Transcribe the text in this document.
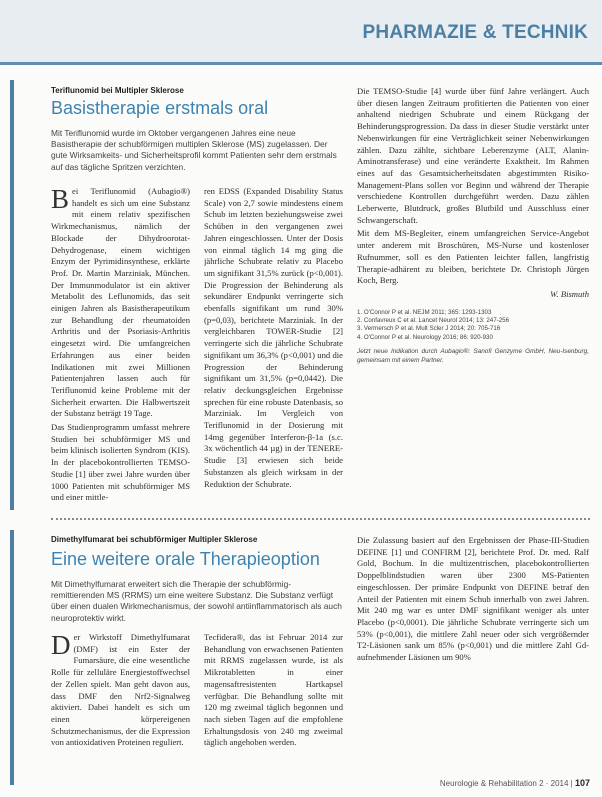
PHARMAZIE & TECHNIK
Teriflunomid bei Multipler Sklerose
Basistherapie erstmals oral

Mit Teriflunomid wurde im Oktober vergangenen Jahres eine neue Basistherapie der schubförmigen multiplen Sklerose (MS) zugelassen. Der gute Wirksamkeits- und Sicherheitsprofil kommt Patienten sehr dem erstmals auf das tägliche Spritzen verzichten.

Bei Teriflunomid (Aubagio®) handelt es sich um eine Substanz mit einem relativ spezifischen Wirkmechanismus, nämlich der Blockade der Dihydroorotat-Dehydrogenase, einem wichtigen Enzym der Pyrimidinsynthese, erklärte Prof. Dr. Martin Marziniak, München. Der Immunmodulator ist ein aktiver Metabolit des Leflunomids, das seit einigen Jahren als Basistherapeutikum zur Behandlung der rheumatoiden Arthritis und der Psoriasis-Arthritis eingesetzt wird. Die umfangreichen Erfahrungen aus einer beiden Indikationen mit zwei Millionen Patientenjahren lassen auch für Teriflunomid keine Probleme mit der Sicherheit erwarten. Die Halbwertszeit der Substanz beträgt 19 Tage.

Das Studienprogramm umfasst mehrere Studien bei schubförmiger MS und beim klinisch isolierten Syndrom (KIS). In der placebokontrollierten TEMSO-Studie [1] über zwei Jahre wurden über 1000 Patienten mit schubförmiger MS und einer mittle-

ren EDSS (Expanded Disability Status Scale) von 2,7 sowie mindestens einem Schub im letzten beziehungsweise zwei Schüben in den vergangenen zwei Jahren eingeschlossen. Unter der Dosis von einmal täglich 14 mg ging die jährliche Schubrate relativ zu Placebo um signifikant 31,5% zurück (p<0,001). Die Progression der Behinderung als sekundärer Endpunkt verringerte sich ebenfalls signifikant um rund 30% (p=0,03), berichtete Marziniak. In der vergleichbaren TOWER-Studie [2] verringerte sich die jährliche Schubrate signifikant um 36,3% (p<0,001) und die Progression der Behinderung signifikant um 31,5% (p=0,0442). Die relativ deckungsgleichen Ergebnisse sprechen für eine robuste Datenbasis, so Marziniak. Im Vergleich von Teriflunomid in der Dosierung mit 14mg gegenüber Interferon-β-1a (s.c. 3x wöchentlich 44 µg) in der TENERE-Studie [3] erwiesen sich beide Substanzen als gleich wirksam in der Reduktion der Schubrate.

Die TEMSO-Studie [4] wurde über fünf Jahre verlängert. Auch über diesen langen Zeitraum profitierten die Patienten von einer anhaltend niedrigen Schubrate und einem Rückgang der Behinderungsprogression. Da dass in dieser Studie verstärkt unter Nebenwirkungen für eine Verträglichkeit seiner Nebenwirkungen zählen. Dazu zählte, sichtbare Leberenzyme (ALT, Alanin-Aminotransferase) und eine veränderte Exaktheit. Im Rahmen eines auf das Gesamtsicherheitsdaten abgestimmten Risiko-Management-Plans sollen vor Beginn und während der Therapie verschiedene Kontrollen durchgeführt werden. Dazu zählen Leberwerte, Blutdruck, großes Blutbild und Ausschluss einer Schwangerschaft.

Mit dem MS-Begleiter, einem umfangreichen Service-Angebot unter anderem mit Broschüren, MS-Nurse und kostenloser Rufnummer, soll es den Patienten leichter fallen, langfristig Therapie-adhärent zu bleiben, berichtete Dr. Christoph Jürgen Koch, Berg.

W. Bismuth
1. O'Connor P et al. NEJM 2011; 365: 1293-1303
2. Confavreux C et al. Lancet Neurol 2014; 13: 247-256
3. Vermersch P et al. Mult Scler J 2014; 20: 705-716
4. O'Connor P et al. Neurology 2016; 86: 920-930
Jetzt neue Indikation durch Aubagio®: Sanofi Genzyme GmbH, Neu-Isenburg, gemeinsam mit einem Partner.
Dimethylfumarat bei schubförmiger Multipler Sklerose
Eine weitere orale Therapieoption

Mit Dimethylfumarat erweitert sich die Therapie der schubförmig-remittierenden MS (RRMS) um eine weitere Substanz. Die Substanz verfügt über einen dualen Wirkmechanismus, der sowohl antiinflammatorisch als auch neuroprotektiv wirkt.

Der Wirkstoff Dimethylfumarat (DMF) ist ein Ester der Fumarsäure, die eine wesentliche Rolle für zelluläre Energiestoffwechsel der Zellen spielt. Man geht davon aus, dass DMF den Nrf2-Signalweg aktiviert. Dabei handelt es sich um einen körpereigenen Schutzmechanismus, der die Expression von antioxidativen Proteinen reguliert.

Tecfidera®, das ist Februar 2014 zur Behandlung von erwachsenen Patienten mit RRMS zugelassen wurde, ist als Mikrotabletten in einer magensaftresistenten Hartkapsel verfügbar. Die Behandlung sollte mit 120 mg zweimal täglich begonnen und nach sieben Tagen auf die empfohlene Erhaltungsdosis von 240 mg zweimal täglich angehoben werden.

Die Zulassung basiert auf den Ergebnissen der Phase-III-Studien DEFINE [1] und CONFIRM [2], berichtete Prof. Dr. med. Ralf Gold, Bochum. In die multizentrischen, placebokontrollierten Doppelblindstudien waren über 2300 MS-Patienten eingeschlossen. Der primäre Endpunkt von DEFINE betraf den Anteil der Patienten mit einem Schub innerhalb von zwei Jahren. Mit 240 mg war es unter DMF signifikant weniger als unter Placebo (p<0,0001). Die jährliche Schubrate verringerte sich um 53% (p<0,001), die mittlere Zahl neuer oder sich vergrößernder T2-Läsionen sank um 85% (p<0,001) und die mittlere Zahl Gd-aufnehmender Läsionen um 90%

Neurologie & Rehabilitation 2 · 2014 | 107
